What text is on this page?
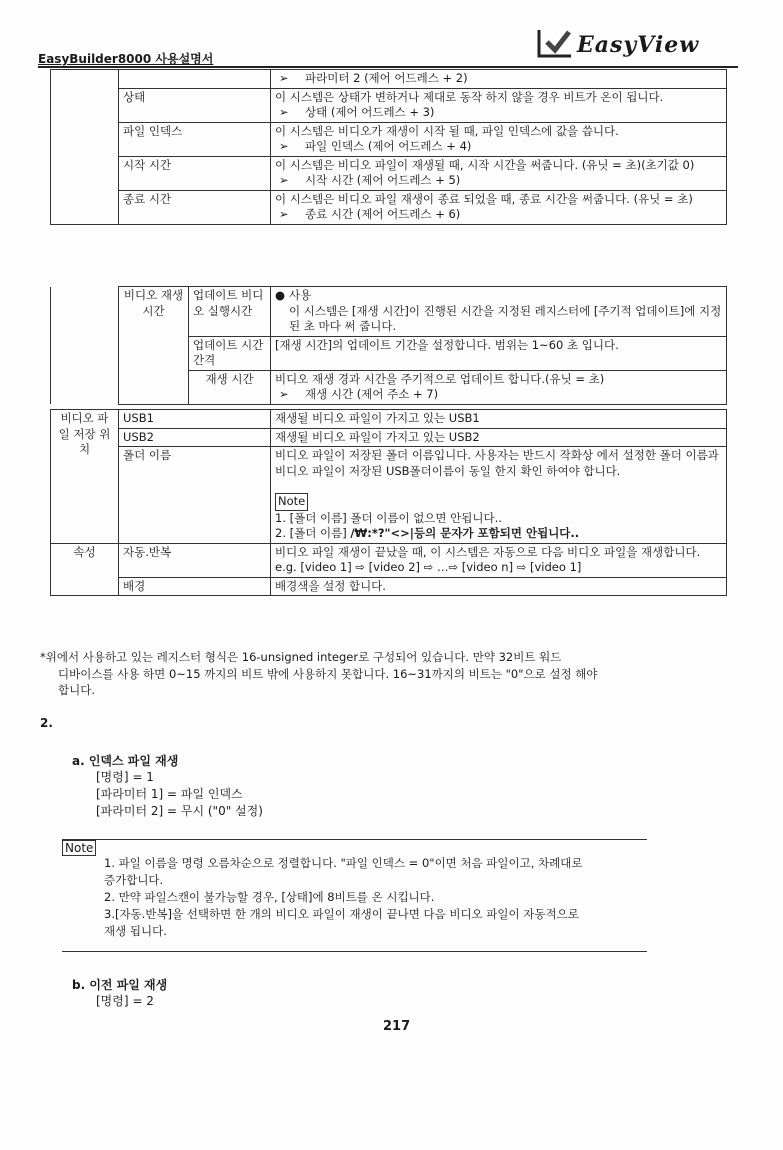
EasyBuilder8000 사용설명서
EasyView
		➢ 파라미터 2 (제어 어드레스 + 2)
상태	이 시스템은 상태가 변하거나 제대로 동작 하지 않을 경우 비트가 온이 됩니다.
➢ 상태 (제어 어드레스 + 3)

파일 인덱스	이 시스템은 비디오가 재생이 시작 될 때, 파일 인덱스에 값을 씁니다.
➢ 파일 인덱스 (제어 어드레스 + 4)

시작 시간	이 시스템은 비디오 파일이 재생될 때, 시작 시간을 써줍니다. (유닛 = 초)(초기값 0)
➢ 시작 시간 (제어 어드레스 + 5)

종료 시간	이 시스템은 비디오 파일 재생이 종료 되었을 때, 종료 시간을 써줍니다. (유닛 = 초)
➢ 종료 시간 (제어 어드레스 + 6)

	비디오 재생시간	업데이트 비디오 실행시간	● 사용
이 시스템은 [재생 시간]이 진행된 시간을 지정된 레지스터에 [주기적 업데이트]에 지정된 초 마다 써 줍니다.

		업데이트 시간 간격	[재생 시간]의 업데이트 기간을 설정합니다. 범위는 1~60 초 입니다.
		재생 시간	비디오 재생 경과 시간을 주기적으로 업데이트 합니다.(유닛 = 초)
➢ 재생 시간 (제어 주소 + 7)
비디오 파일 저장 위치	USB1	재생될 비디오 파일이 가지고 있는 USB1
	USB2	재생될 비디오 파일이 가지고 있는 USB2
	폴더 이름	비디오 파일이 저장된 폴더 이름입니다. 사용자는 반드시 작화상 에서 설정한 폴더 이름과 비디오 파일이 저장된 USB폴더이름이 동일 한지 확인 하여야 합니다.
Note
1. [폴더 이름] 폴더 이름이 없으면 안됩니다..
2. [폴더 이름] /₩:*?"<>|등의 문자가 포함되면 안됩니다..

속성	자동.반복	비디오 파일 재생이 끝났을 때, 이 시스템은 자동으로 다음 비디오 파일을 재생합니다.
e.g. [video 1] ⇨ [video 2] ⇨ …⇨ [video n] ⇨ [video 1]

	배경	배경색을 설정 합니다.
*위에서 사용하고 있는 레지스터 형식은 16-unsigned integer로 구성되어 있습니다. 만약 32비트 워드
디바이스를 사용 하면 0~15 까지의 비트 밖에 사용하지 못합니다. 16~31까지의 비트는 "0"으로 설정 해야
합니다.
2.
a. 인덱스 파일 재생
[명령] = 1
[파라미터 1] = 파일 인덱스
[파라미터 2] = 무시 ("0" 설정)
Note
1. 파일 이름을 명령 오름차순으로 정렬합니다. "파일 인덱스 = 0"이면 처음 파일이고, 차례대로
증가합니다.
2. 만약 파일스캔이 불가능할 경우, [상태]에 8비트를 온 시킵니다.
3.[자동.반복]을 선택하면 한 개의 비디오 파일이 재생이 끝나면 다음 비디오 파일이 자동적으로
재생 됩니다.
b. 이전 파일 재생
[명령] = 2
217
